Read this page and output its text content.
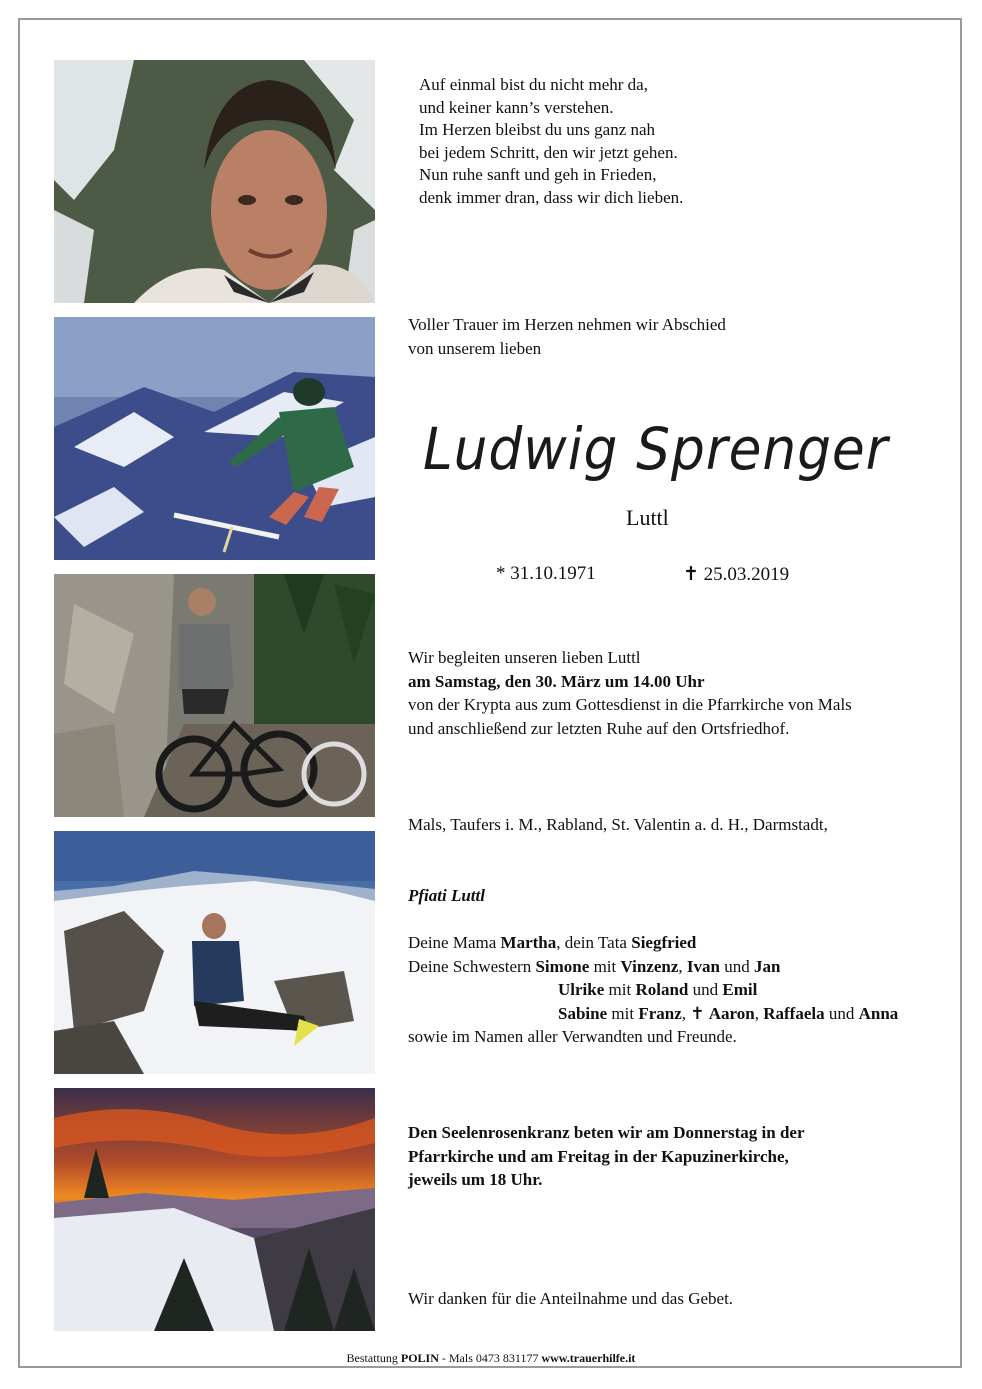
Auf einmal bist du nicht mehr da,
und keiner kann’s verstehen.
Im Herzen bleibst du uns ganz nah
bei jedem Schritt, den wir jetzt gehen.
Nun ruhe sanft und geh in Frieden,
denk immer dran, dass wir dich lieben.
Voller Trauer im Herzen nehmen wir Abschied
von unserem lieben
Ludwig Sprenger
Luttl
* 31.10.1971	✝ 25.03.2019
Wir begleiten unseren lieben Luttl
am Samstag, den 30. März um 14.00 Uhr
von der Krypta aus zum Gottesdienst in die Pfarrkirche von Mals
und anschließend zur letzten Ruhe auf den Ortsfriedhof.
Mals, Taufers i. M., Rabland, St. Valentin a. d. H., Darmstadt,
Pfiati Luttl
Deine Mama Martha, dein Tata Siegfried
Deine Schwestern Simone mit Vinzenz, Ivan und Jan
Ulrike mit Roland und Emil
Sabine mit Franz, ✝ Aaron, Raffaela und Anna
sowie im Namen aller Verwandten und Freunde.
Den Seelenrosenkranz beten wir am Donnerstag in der
Pfarrkirche und am Freitag in der Kapuzinerkirche,
jeweils um 18 Uhr.
Wir danken für die Anteilnahme und das Gebet.
Bestattung POLIN - Mals 0473 831177 www.trauerhilfe.it
